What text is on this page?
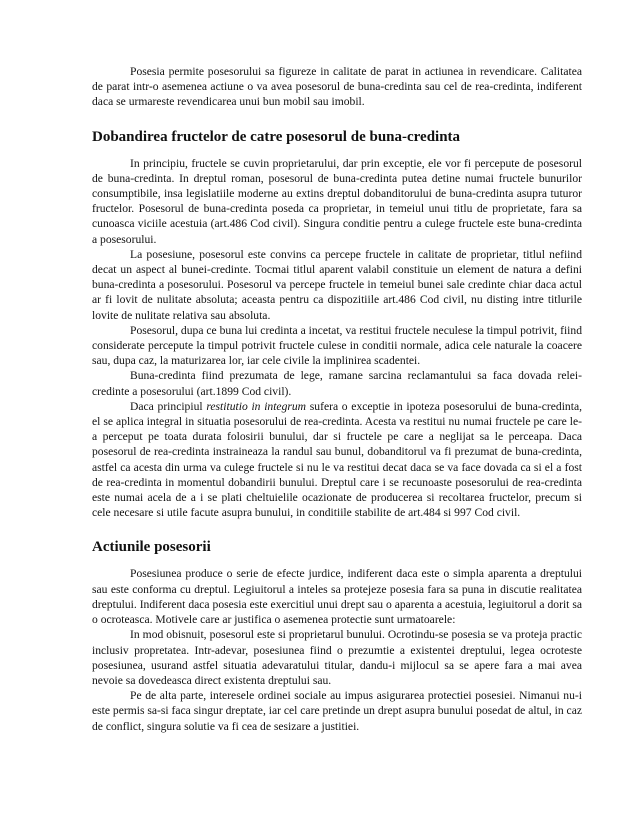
Posesia permite posesorului sa figureze in calitate de parat in actiunea in revendicare. Calitatea de parat intr-o asemenea actiune o va avea posesorul de buna-credinta sau cel de rea-credinta, indiferent daca se urmareste revendicarea unui bun mobil sau imobil.

Dobandirea fructelor de catre posesorul de buna-credinta

In principiu, fructele se cuvin proprietarului, dar prin exceptie, ele vor fi percepute de posesorul de buna-credinta. In dreptul roman, posesorul de buna-credinta putea detine numai fructele bunurilor consumptibile, insa legislatiile moderne au extins dreptul dobanditorului de buna-credinta asupra tuturor fructelor. Posesorul de buna-credinta poseda ca proprietar, in temeiul unui titlu de proprietate, fara sa cunoasca viciile acestuia (art.486 Cod civil). Singura conditie pentru a culege fructele este buna-credinta a posesorului.

La posesiune, posesorul este convins ca percepe fructele in calitate de proprietar, titlul nefiind decat un aspect al bunei-credinte. Tocmai titlul aparent valabil constituie un element de natura a defini buna-credinta a posesorului. Posesorul va percepe fructele in temeiul bunei sale credinte chiar daca actul ar fi lovit de nulitate absoluta; aceasta pentru ca dispozitiile art.486 Cod civil, nu disting intre titlurile lovite de nulitate relativa sau absoluta.

Posesorul, dupa ce buna lui credinta a incetat, va restitui fructele neculese la timpul potrivit, fiind considerate percepute la timpul potrivit fructele culese in conditii normale, adica cele naturale la coacere sau, dupa caz, la maturizarea lor, iar cele civile la implinirea scadentei.

Buna-credinta fiind prezumata de lege, ramane sarcina reclamantului sa faca dovada relei-credinte a posesorului (art.1899 Cod civil).

Daca principiul restitutio in integrum sufera o exceptie in ipoteza posesorului de buna-credinta, el se aplica integral in situatia posesorului de rea-credinta. Acesta va restitui nu numai fructele pe care le-a perceput pe toata durata folosirii bunului, dar si fructele pe care a neglijat sa le perceapa. Daca posesorul de rea-credinta instraineaza la randul sau bunul, dobanditorul va fi prezumat de buna-credinta, astfel ca acesta din urma va culege fructele si nu le va restitui decat daca se va face dovada ca si el a fost de rea-credinta in momentul dobandirii bunului. Dreptul care i se recunoaste posesorului de rea-credinta este numai acela de a i se plati cheltuielile ocazionate de producerea si recoltarea fructelor, precum si cele necesare si utile facute asupra bunului, in conditiile stabilite de art.484 si 997 Cod civil.

Actiunile posesorii

Posesiunea produce o serie de efecte jurdice, indiferent daca este o simpla aparenta a dreptului sau este conforma cu dreptul. Legiuitorul a inteles sa protejeze posesia fara sa puna in discutie realitatea dreptului. Indiferent daca posesia este exercitiul unui drept sau o aparenta a acestuia, legiuitorul a dorit sa o ocroteasca. Motivele care ar justifica o asemenea protectie sunt urmatoarele:

In mod obisnuit, posesorul este si proprietarul bunului. Ocrotindu-se posesia se va proteja practic inclusiv propretatea. Intr-adevar, posesiunea fiind o prezumtie a existentei dreptului, legea ocroteste posesiunea, usurand astfel situatia adevaratului titular, dandu-i mijlocul sa se apere fara a mai avea nevoie sa dovedeasca direct existenta dreptului sau.

Pe de alta parte, interesele ordinei sociale au impus asigurarea protectiei posesiei. Nimanui nu-i este permis sa-si faca singur dreptate, iar cel care pretinde un drept asupra bunului posedat de altul, in caz de conflict, singura solutie va fi cea de sesizare a justitiei.
